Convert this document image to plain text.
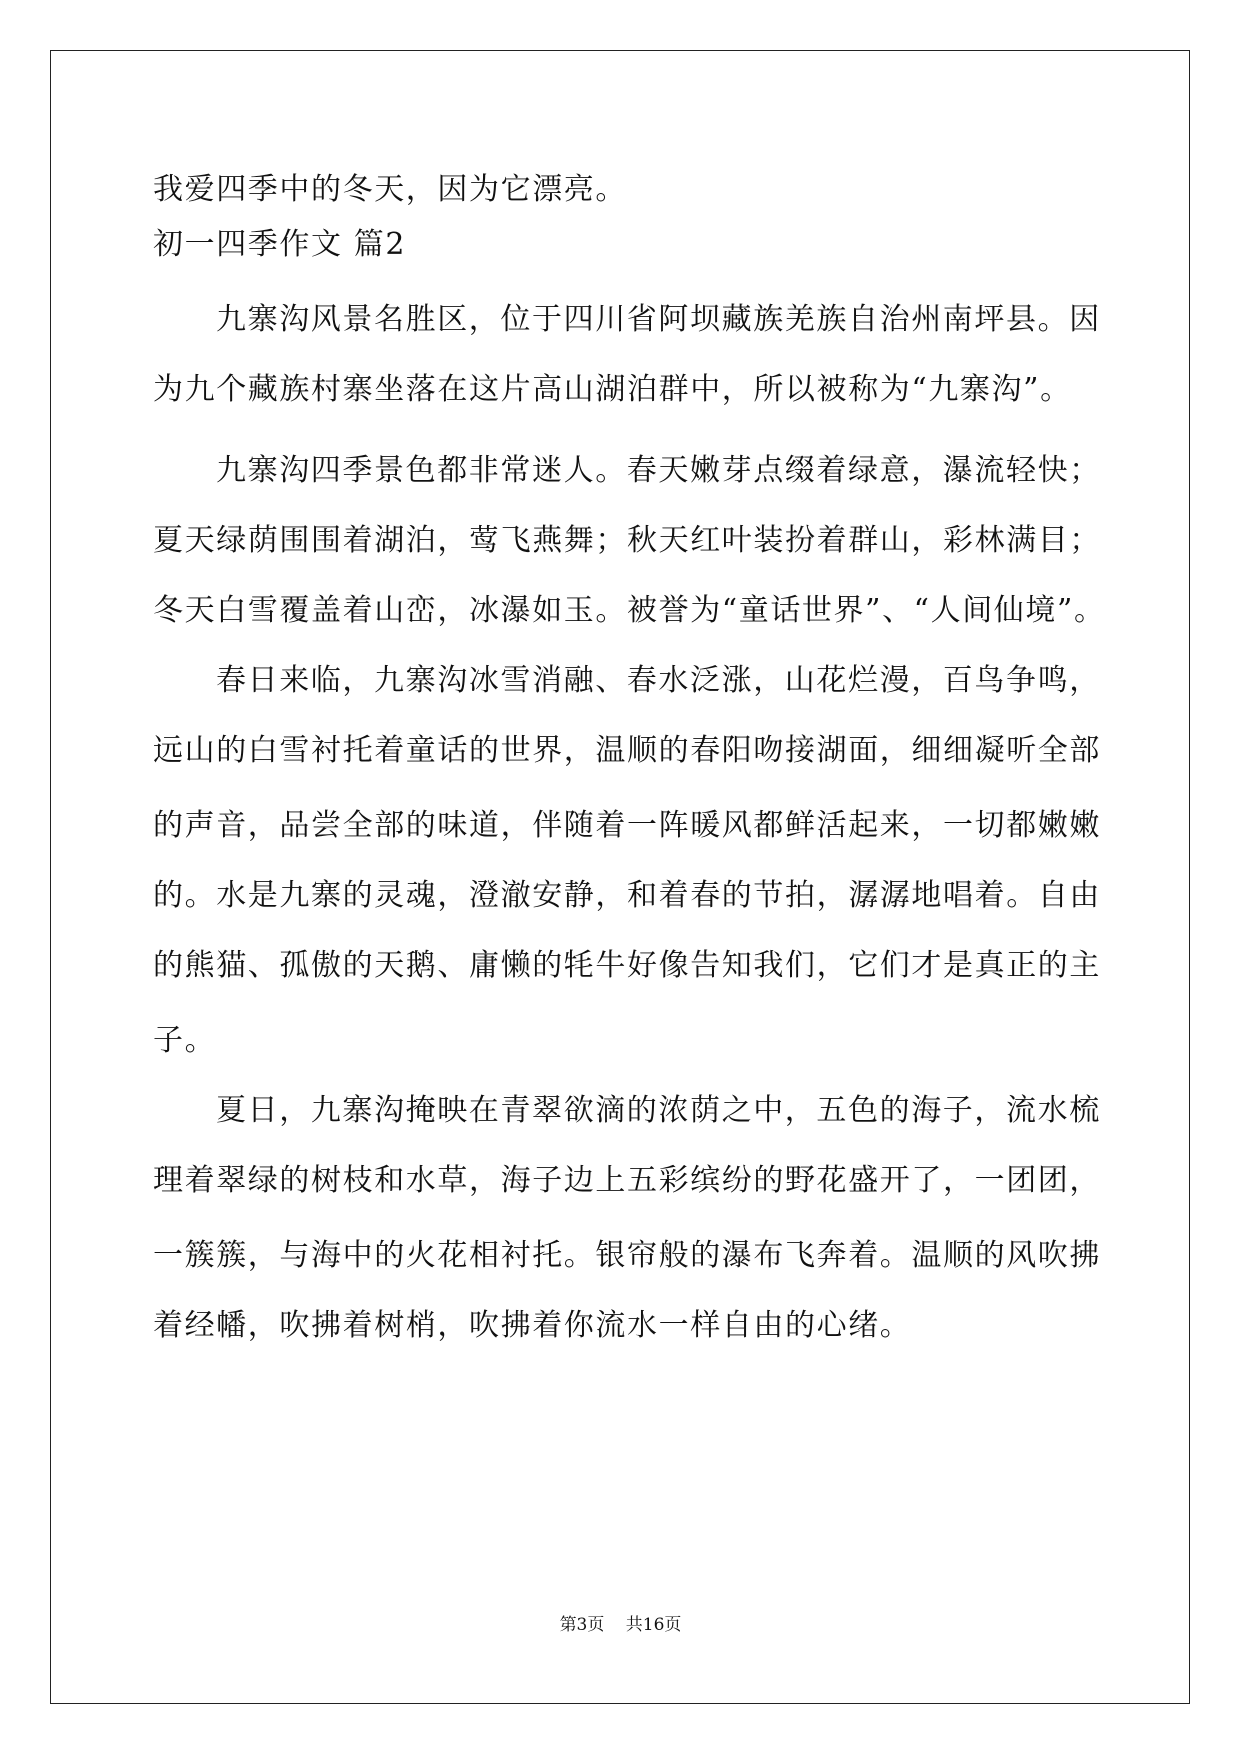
我爱四季中的冬天，因为它漂亮。
初一四季作文 篇2
九寨沟风景名胜区，位于四川省阿坝藏族羌族自治州南坪县。因
为九个藏族村寨坐落在这片高山湖泊群中，所以被称为“九寨沟”。
九寨沟四季景色都非常迷人。春天嫩芽点缀着绿意，瀑流轻快；
夏天绿荫围围着湖泊，莺飞燕舞；秋天红叶装扮着群山，彩林满目；
冬天白雪覆盖着山峦，冰瀑如玉。被誉为“童话世界”、“人间仙境”。
春日来临，九寨沟冰雪消融、春水泛涨，山花烂漫，百鸟争鸣，
远山的白雪衬托着童话的世界，温顺的春阳吻接湖面，细细凝听全部
的声音，品尝全部的味道，伴随着一阵暖风都鲜活起来，一切都嫩嫩
的。水是九寨的灵魂，澄澈安静，和着春的节拍，潺潺地唱着。自由
的熊猫、孤傲的天鹅、庸懒的牦牛好像告知我们，它们才是真正的主
子。
夏日，九寨沟掩映在青翠欲滴的浓荫之中，五色的海子，流水梳
理着翠绿的树枝和水草，海子边上五彩缤纷的野花盛开了，一团团，
一簇簇，与海中的火花相衬托。银帘般的瀑布飞奔着。温顺的风吹拂
着经幡，吹拂着树梢，吹拂着你流水一样自由的心绪。
第3页 共16页
